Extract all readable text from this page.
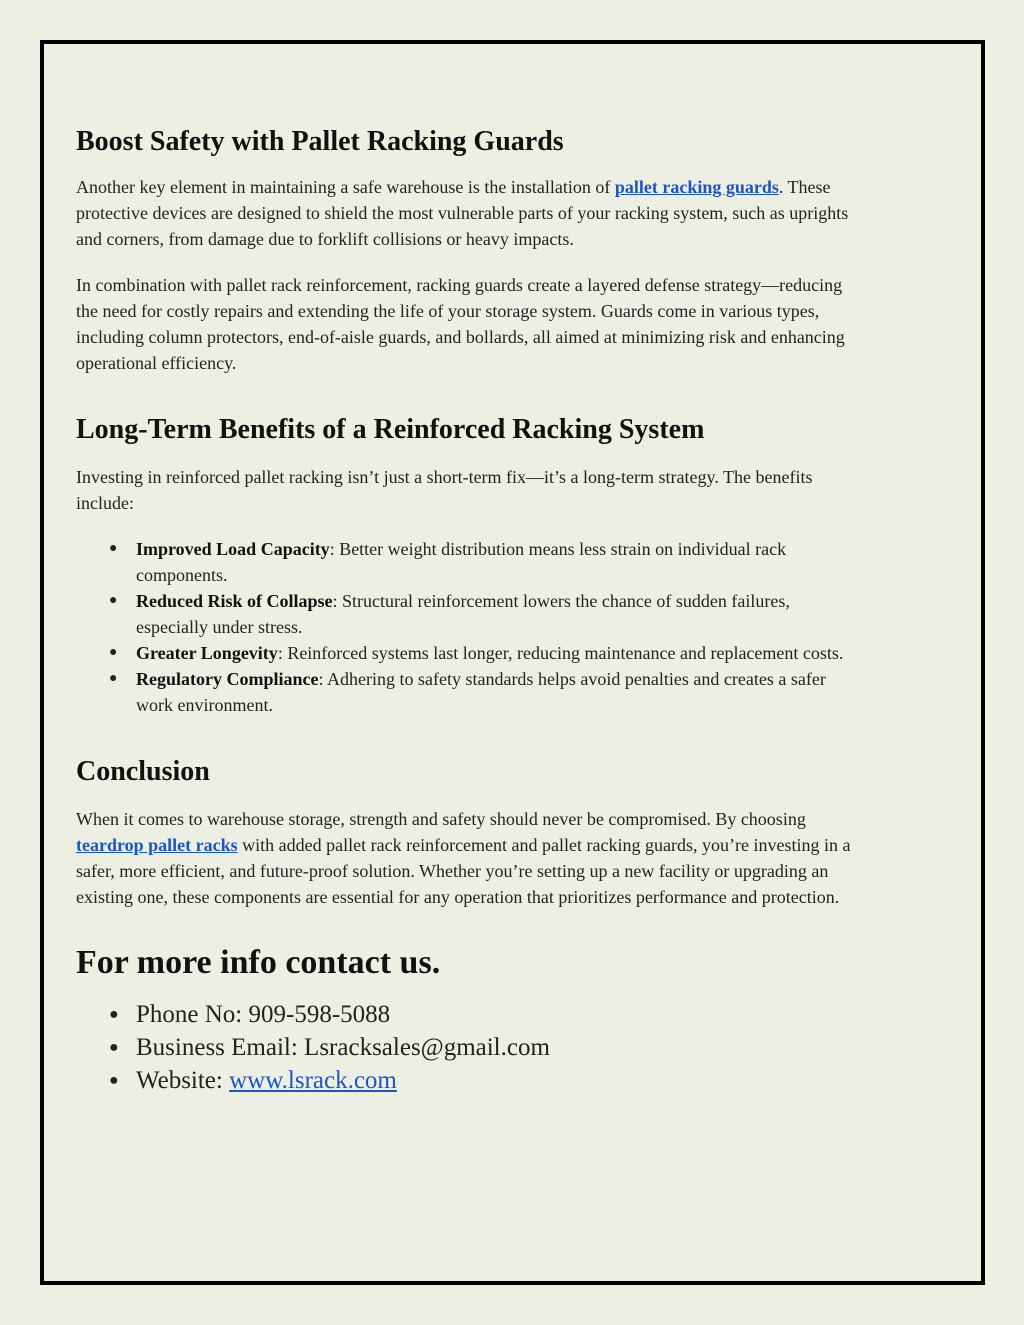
Boost Safety with Pallet Racking Guards

Another key element in maintaining a safe warehouse is the installation of pallet racking guards. These protective devices are designed to shield the most vulnerable parts of your racking system, such as uprights and corners, from damage due to forklift collisions or heavy impacts.

In combination with pallet rack reinforcement, racking guards create a layered defense strategy—reducing the need for costly repairs and extending the life of your storage system. Guards come in various types, including column protectors, end-of-aisle guards, and bollards, all aimed at minimizing risk and enhancing operational efficiency.

Long-Term Benefits of a Reinforced Racking System

Investing in reinforced pallet racking isn’t just a short-term fix—it’s a long-term strategy. The benefits include:

● Improved Load Capacity: Better weight distribution means less strain on individual rack components.
● Reduced Risk of Collapse: Structural reinforcement lowers the chance of sudden failures, especially under stress.
● Greater Longevity: Reinforced systems last longer, reducing maintenance and replacement costs.
● Regulatory Compliance: Adhering to safety standards helps avoid penalties and creates a safer work environment.
Conclusion

When it comes to warehouse storage, strength and safety should never be compromised. By choosing teardrop pallet racks with added pallet rack reinforcement and pallet racking guards, you’re investing in a safer, more efficient, and future-proof solution. Whether you’re setting up a new facility or upgrading an existing one, these components are essential for any operation that prioritizes performance and protection.

For more info contact us.
● Phone No: 909-598-5088
● Business Email: Lsracksales@gmail.com
● Website: www.lsrack.com
